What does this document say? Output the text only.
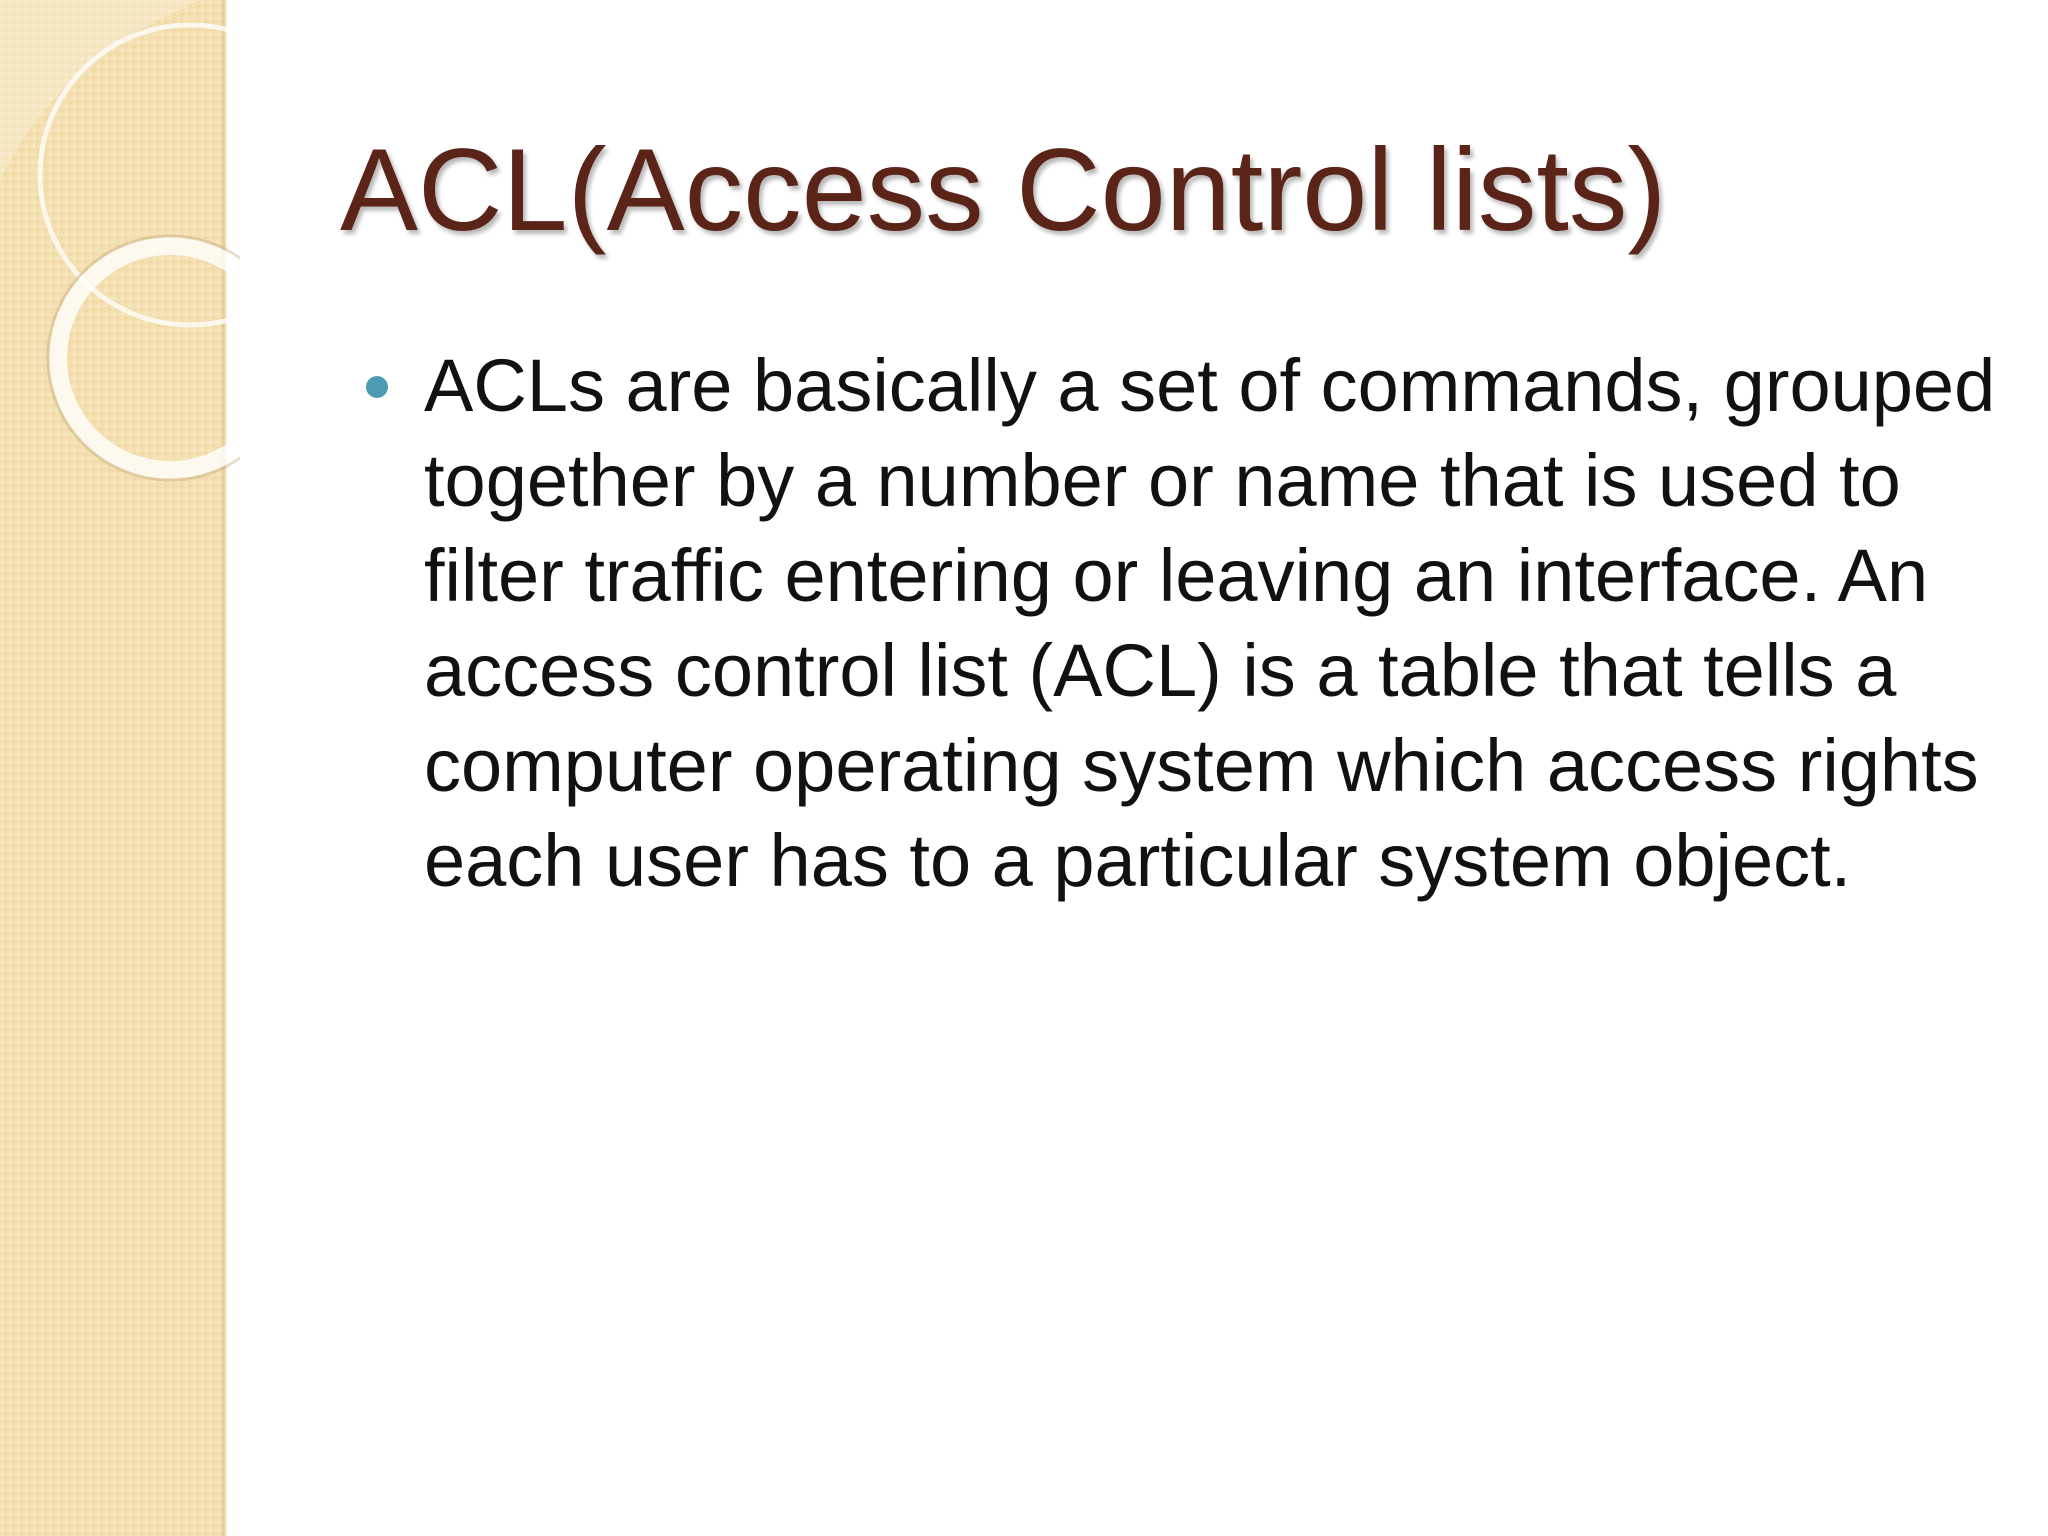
ACL(Access Control lists)
ACLs are basically a set of commands, grouped together by a number or name that is used to filter traffic entering or leaving an interface. An access control list (ACL) is a table that tells a computer operating system which access rights each user has to a particular system object.
